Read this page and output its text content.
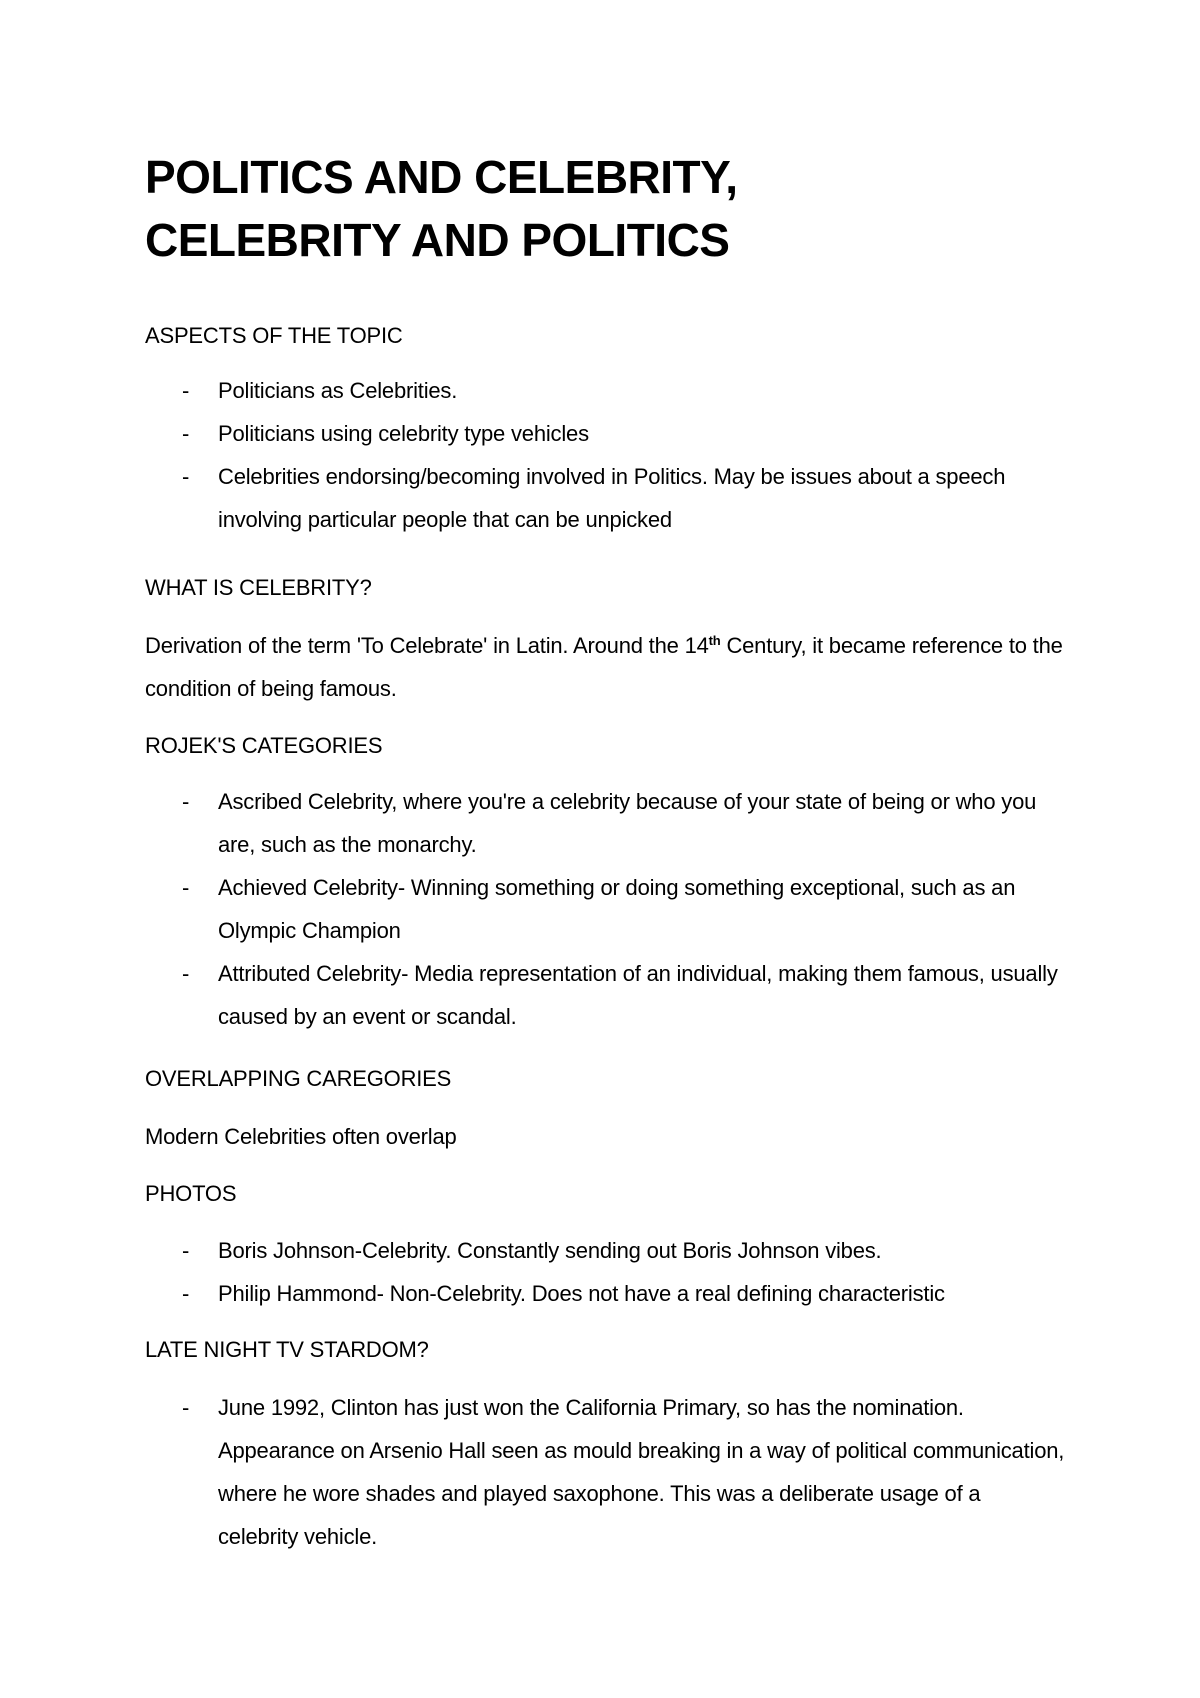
POLITICS AND CELEBRITY,
CELEBRITY AND POLITICS

ASPECTS OF THE TOPIC

- Politicians as Celebrities.
- Politicians using celebrity type vehicles
- Celebrities endorsing/becoming involved in Politics. May be issues about a speech involving particular people that can be unpicked

WHAT IS CELEBRITY?

Derivation of the term 'To Celebrate' in Latin. Around the 14th Century, it became reference to the condition of being famous.

ROJEK'S CATEGORIES

- Ascribed Celebrity, where you're a celebrity because of your state of being or who you are, such as the monarchy.
- Achieved Celebrity- Winning something or doing something exceptional, such as an Olympic Champion
- Attributed Celebrity- Media representation of an individual, making them famous, usually caused by an event or scandal.

OVERLAPPING CAREGORIES

Modern Celebrities often overlap

PHOTOS

- Boris Johnson-Celebrity. Constantly sending out Boris Johnson vibes.
- Philip Hammond- Non-Celebrity. Does not have a real defining characteristic

LATE NIGHT TV STARDOM?

- June 1992, Clinton has just won the California Primary, so has the nomination. Appearance on Arsenio Hall seen as mould breaking in a way of political communication, where he wore shades and played saxophone. This was a deliberate usage of a celebrity vehicle.
